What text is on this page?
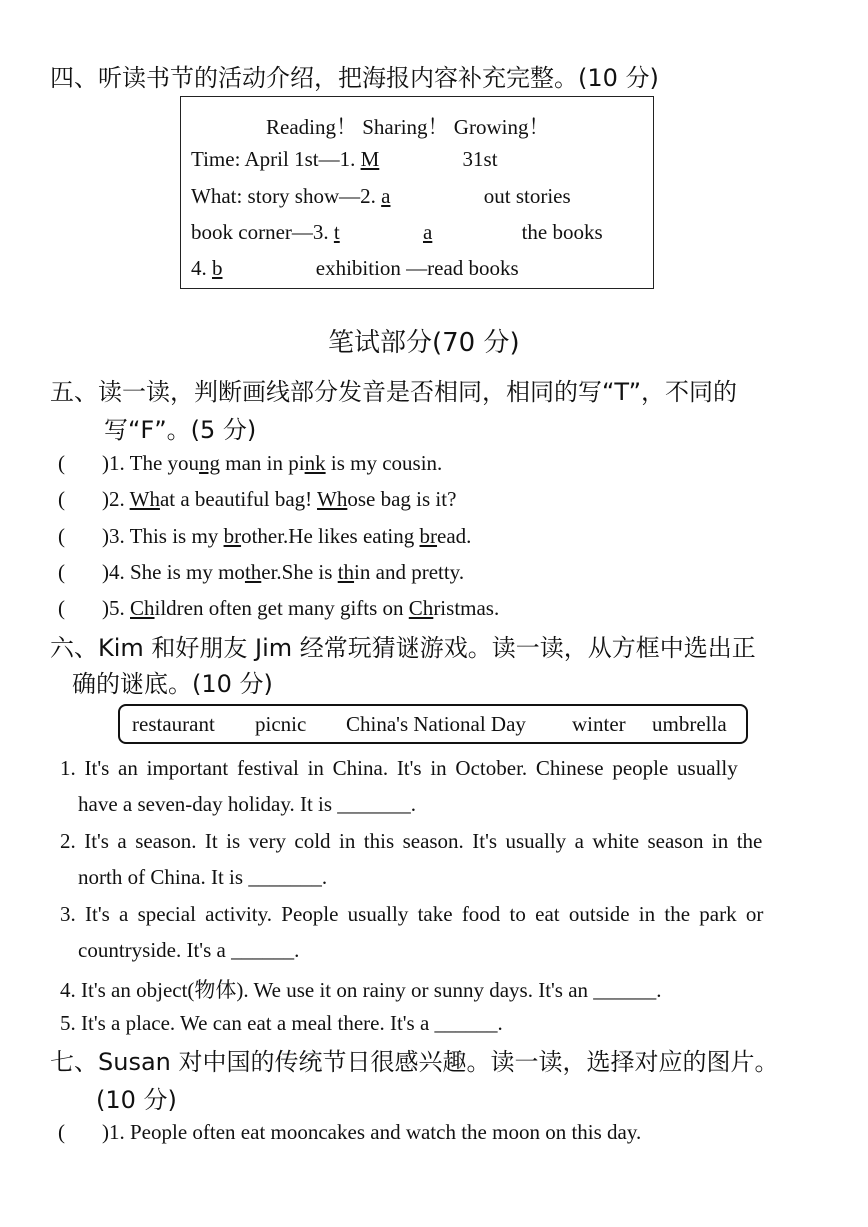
四、听读书节的活动介绍，把海报内容补充完整。(10 分)
Reading！ Sharing！ Growing！
Time: April 1st—1. M	31st
What: story show—2. a	out stories
book corner—3. t	a	the books
4. b	exhibition —read books
笔试部分(70 分)
五、读一读，判断画线部分发音是否相同，相同的写“T”，不同的
写“F”。(5 分)
( )1. The young man in pink is my cousin.
( )2. What a beautiful bag! Whose bag is it?
( )3. This is my brother.He likes eating bread.
( )4. She is my mother.She is thin and pretty.
( )5. Children often get many gifts on Christmas.
六、Kim 和好朋友 Jim 经常玩猜谜游戏。读一读，从方框中选出正
确的谜底。(10 分)
restaurant picnic China's National Day winter umbrella
1. It's an important festival in China. It's in October. Chinese people usually
have a seven-day holiday. It is _______.
2. It's a season. It is very cold in this season. It's usually a white season in the
north of China. It is _______.
3. It's a special activity. People usually take food to eat outside in the park or
countryside. It's a ______.
4. It's an object(物体). We use it on rainy or sunny days. It's an ______.
5. It's a place. We can eat a meal there. It's a ______.
七、Susan 对中国的传统节日很感兴趣。读一读，选择对应的图片。
(10 分)
( )1. People often eat mooncakes and watch the moon on this day.
